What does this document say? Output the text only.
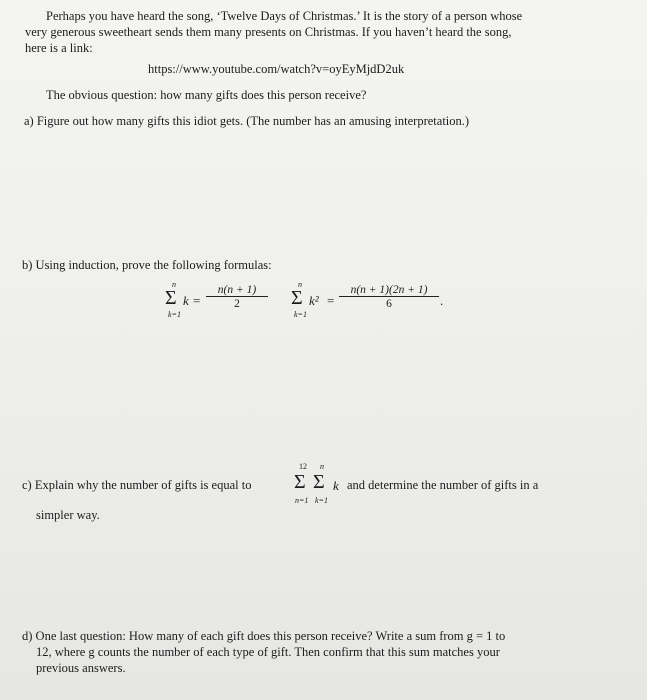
Perhaps you have heard the song, ‘Twelve Days of Christmas.’ It is the story of a person whose
very generous sweetheart sends them many presents on Christmas. If you haven’t heard the song,
here is a link:
https://www.youtube.com/watch?v=oyEyMjdD2uk
The obvious question: how many gifts does this person receive?
a) Figure out how many gifts this idiot gets. (The number has an amusing interpretation.)
b) Using induction, prove the following formulas:
n
Σ k
k=1
= $\frac{n(n + 1)}{2}$	n
Σ k²
k=1
= $\frac{n(n + 1)(2n + 1)}{6}$ .
c) Explain why the number of gifts is equal to
12 n
Σ Σ
n=1 k=1
k and determine the number of gifts in a
simpler way.
d) One last question: How many of each gift does this person receive? Write a sum from g = 1 to
12, where g counts the number of each type of gift. Then confirm that this sum matches your
previous answers.
